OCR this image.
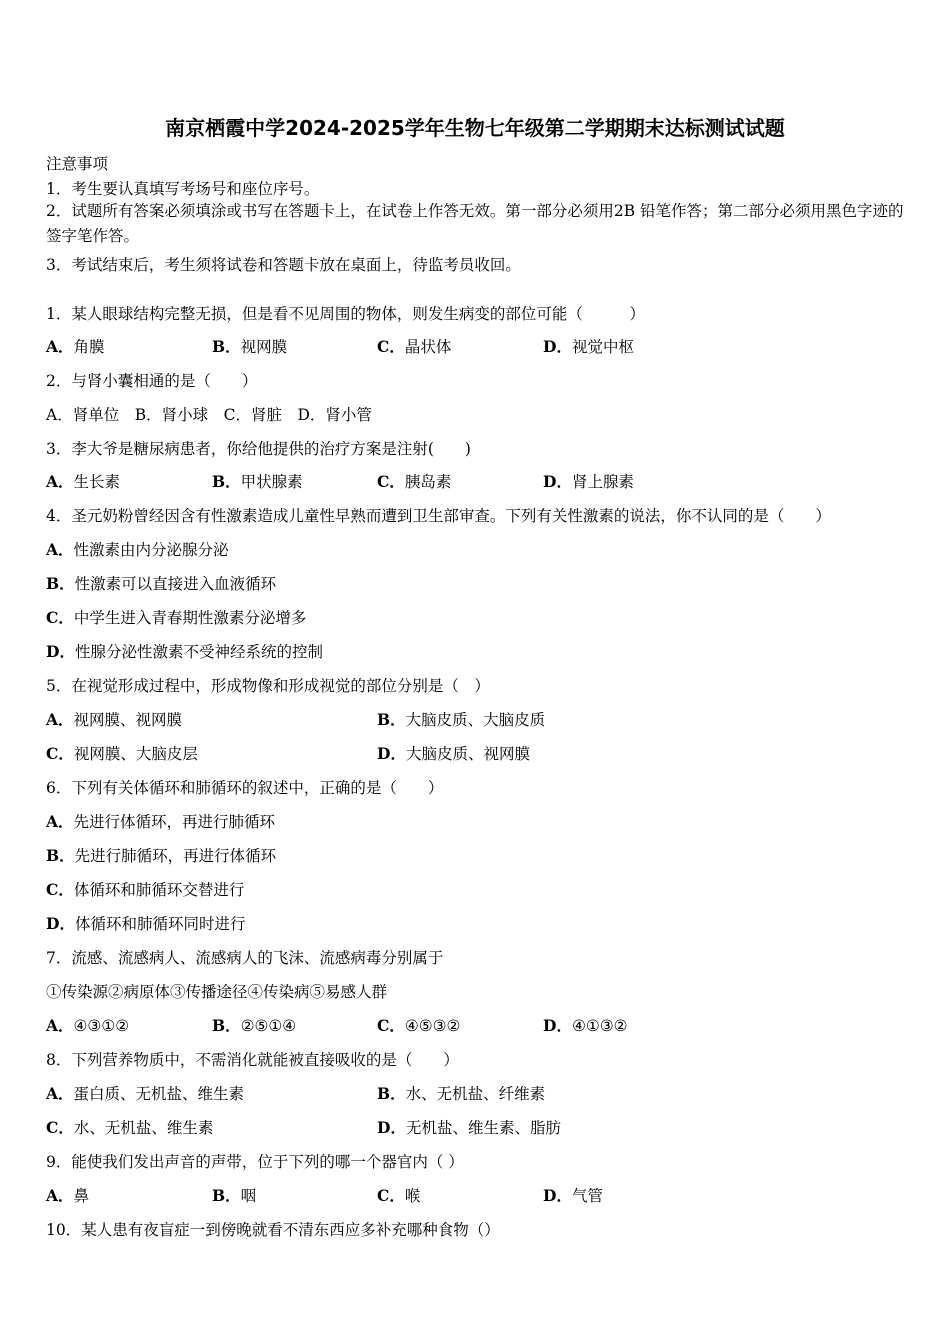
南京栖霞中学2024-2025学年生物七年级第二学期期末达标测试试题
注意事项
1．考生要认真填写考场号和座位序号。
2．试题所有答案必须填涂或书写在答题卡上，在试卷上作答无效。第一部分必须用2B 铅笔作答；第二部分必须用黑色字迹的签字笔作答。
3．考试结束后，考生须将试卷和答题卡放在桌面上，待监考员收回。
1．某人眼球结构完整无损，但是看不见周围的物体，则发生病变的部位可能（　　　）
A．角膜	B．视网膜	C．晶状体	D．视觉中枢
2．与肾小囊相通的是（　　）
A．肾单位　B．肾小球　C．肾脏　D．肾小管
3．李大爷是糖尿病患者，你给他提供的治疗方案是注射(　　)
A．生长素	B．甲状腺素	C．胰岛素	D．肾上腺素
4．圣元奶粉曾经因含有性激素造成儿童性早熟而遭到卫生部审查。下列有关性激素的说法，你不认同的是（　　）
A．性激素由内分泌腺分泌
B．性激素可以直接进入血液循环
C．中学生进入青春期性激素分泌增多
D．性腺分泌性激素不受神经系统的控制
5．在视觉形成过程中，形成物像和形成视觉的部位分别是（　）
A．视网膜、视网膜	B．大脑皮质、大脑皮质
C．视网膜、大脑皮层	D．大脑皮质、视网膜
6．下列有关体循环和肺循环的叙述中，正确的是（　　）
A．先进行体循环，再进行肺循环
B．先进行肺循环，再进行体循环
C．体循环和肺循环交替进行
D．体循环和肺循环同时进行
7．流感、流感病人、流感病人的飞沫、流感病毒分别属于
①传染源②病原体③传播途径④传染病⑤易感人群
A．④③①②	B．②⑤①④	C．④⑤③②	D．④①③②
8．下列营养物质中，不需消化就能被直接吸收的是（　　）
A．蛋白质、无机盐、维生素	B．水、无机盐、纤维素
C．水、无机盐、维生素	D．无机盐、维生素、脂肪
9．能使我们发出声音的声带，位于下列的哪一个器官内（ ）
A．鼻	B．咽	C．喉	D．气管
10．某人患有夜盲症一到傍晚就看不清东西应多补充哪种食物（）
